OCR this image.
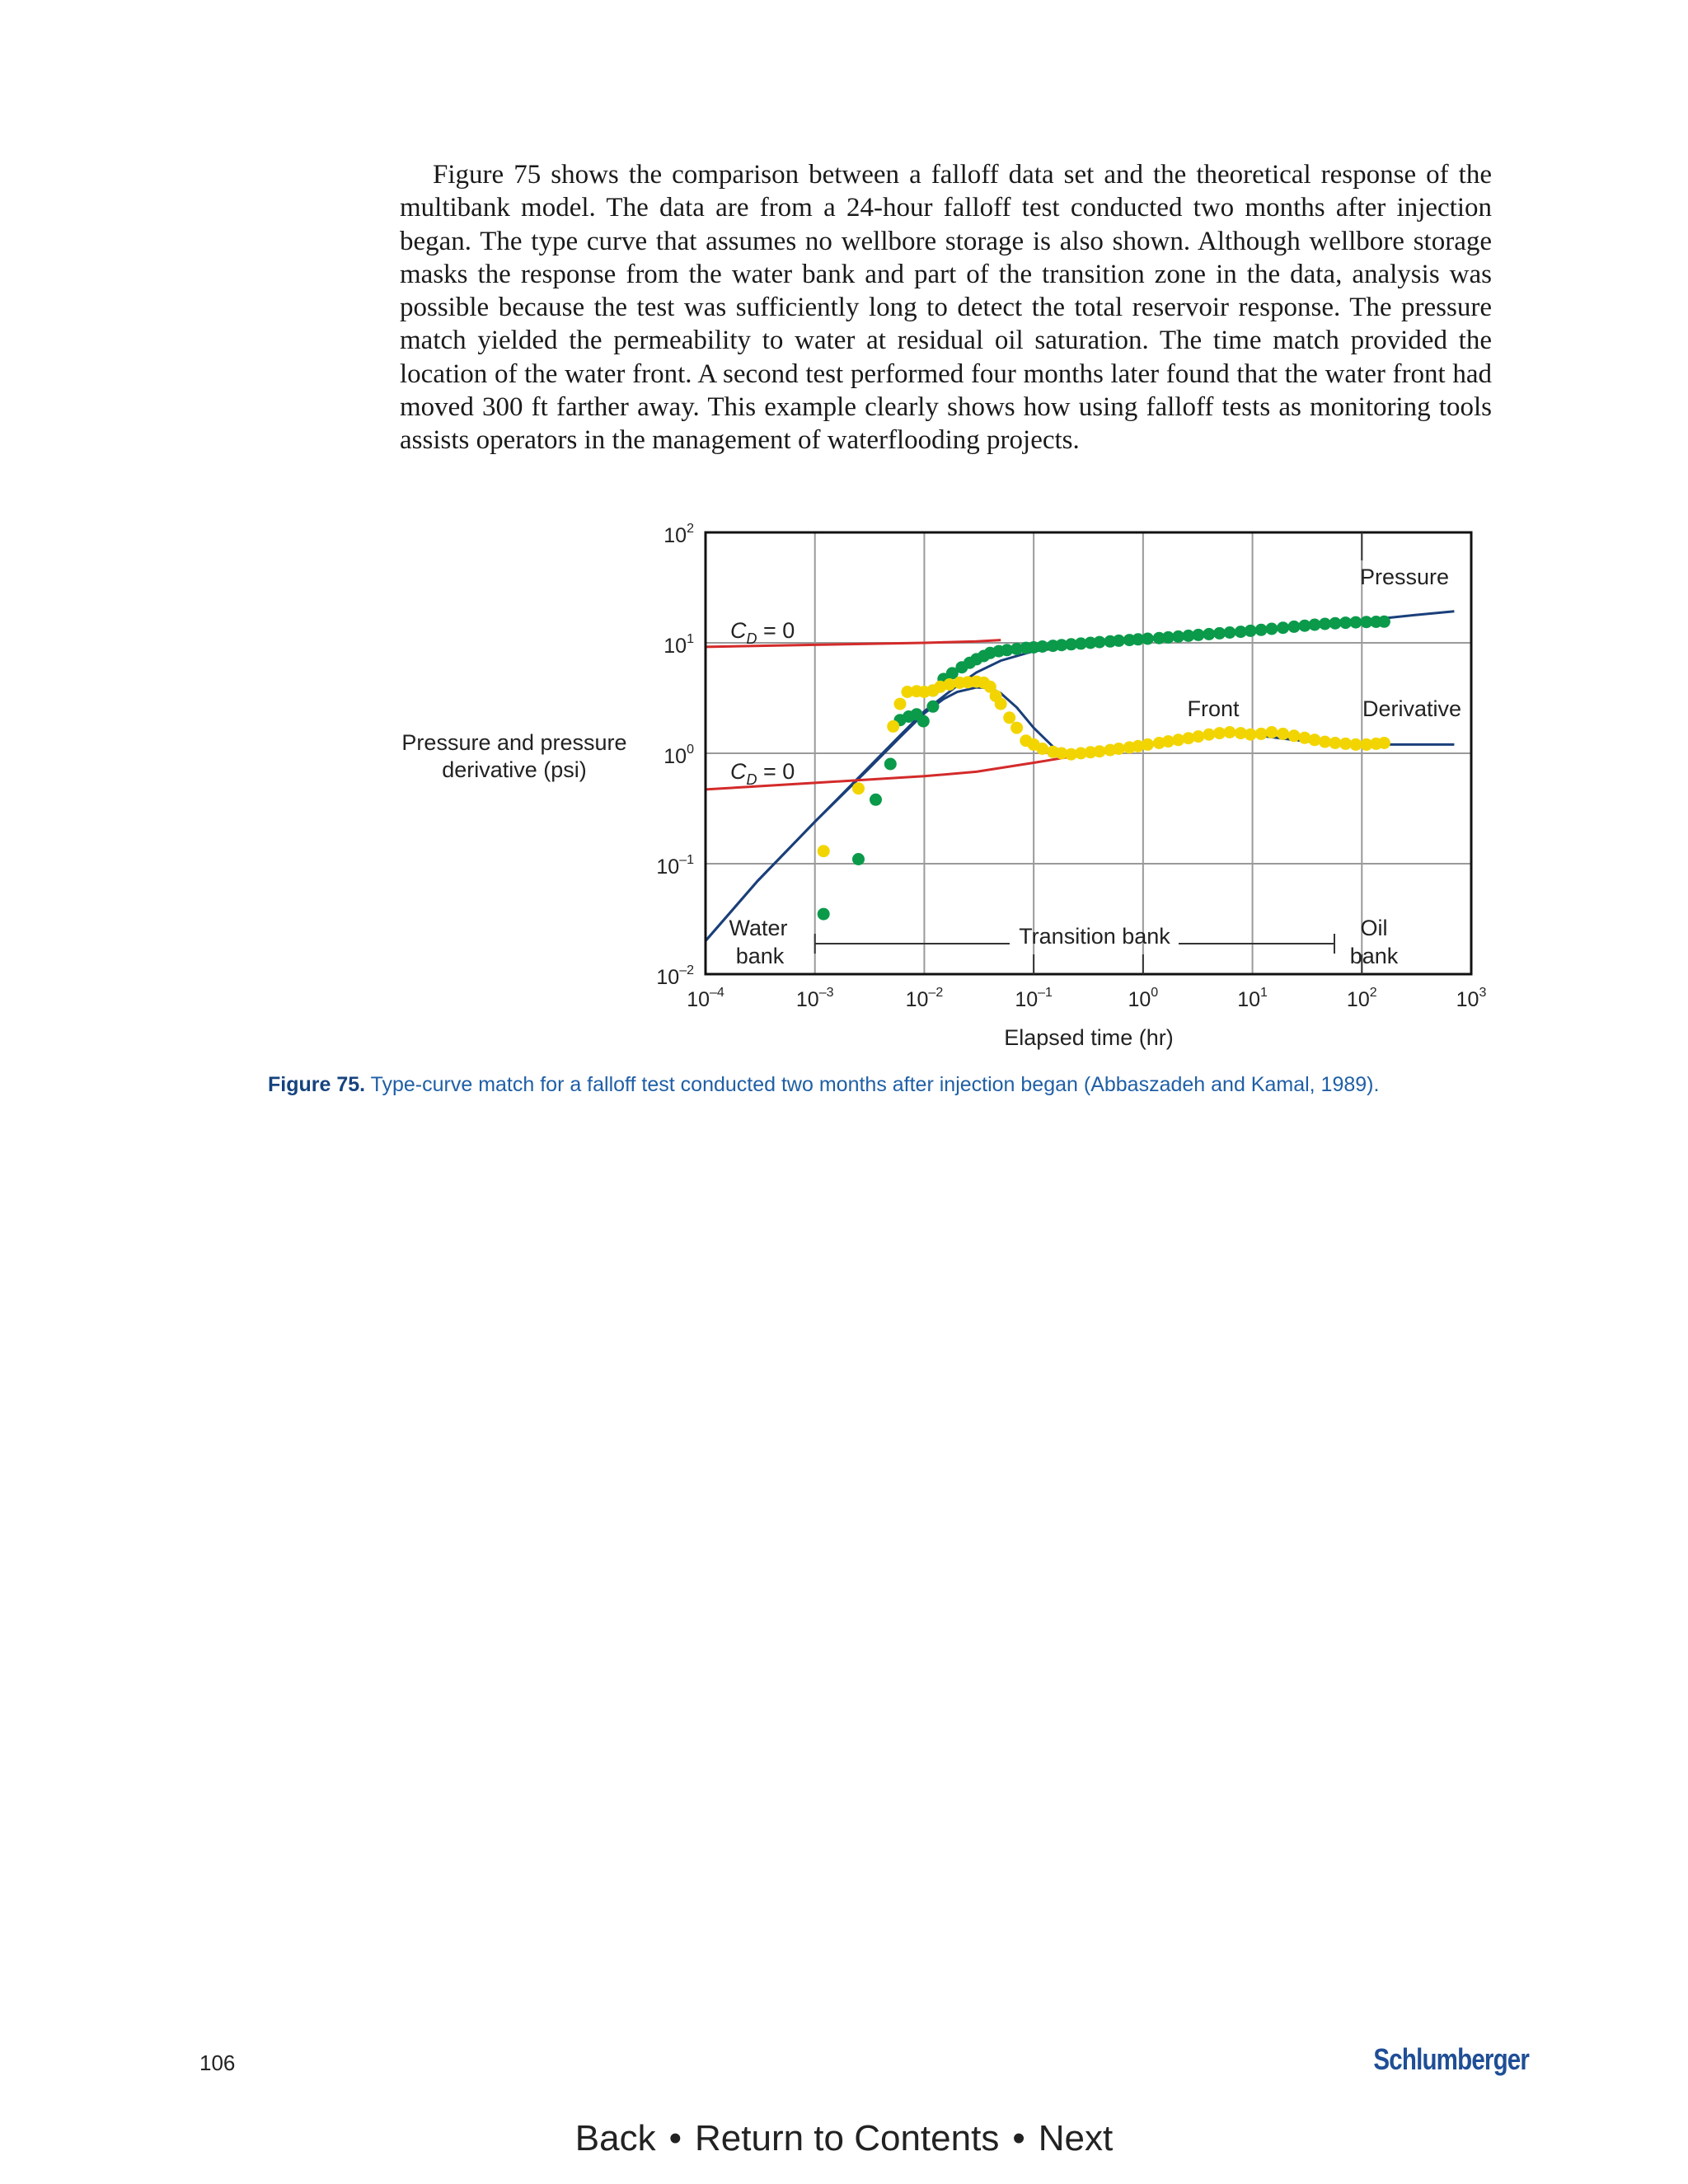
Figure 75 shows the comparison between a falloff data set and the theoretical response of the multibank model. The data are from a 24-hour falloff test conducted two months after injection began. The type curve that assumes no wellbore storage is also shown. Although wellbore storage masks the response from the water bank and part of the transition zone in the data, analysis was possible because the test was sufficiently long to detect the total reservoir response. The pressure match yielded the permeability to water at residual oil saturation. The time match provided the location of the water front. A second test performed four months later found that the water front had moved 300 ft farther away. This example clearly shows how using falloff tests as monitoring tools assists operators in the management of waterflooding projects.

$10^{-4}$	$10^{-3}$	$10^{-2}$	$10^{-1}$	$10^0$	$10^1$	$10^2$	$10^3$
$10^{-2}$
$10^{-1}$
$10^0$
$10^1$
$10^2$
Elapsed time (hr)
Pressure and pressure
derivative (psi)
Pressure
Derivative
Front
$C_D = 0$
$C_D = 0$
Water
bank
Oil
bank
Transition bank
Figure 75. Type-curve match for a falloff test conducted two months after injection began (Abbaszadeh and Kamal, 1989).
106	Schlumberger
Back • Return to Contents • Next
